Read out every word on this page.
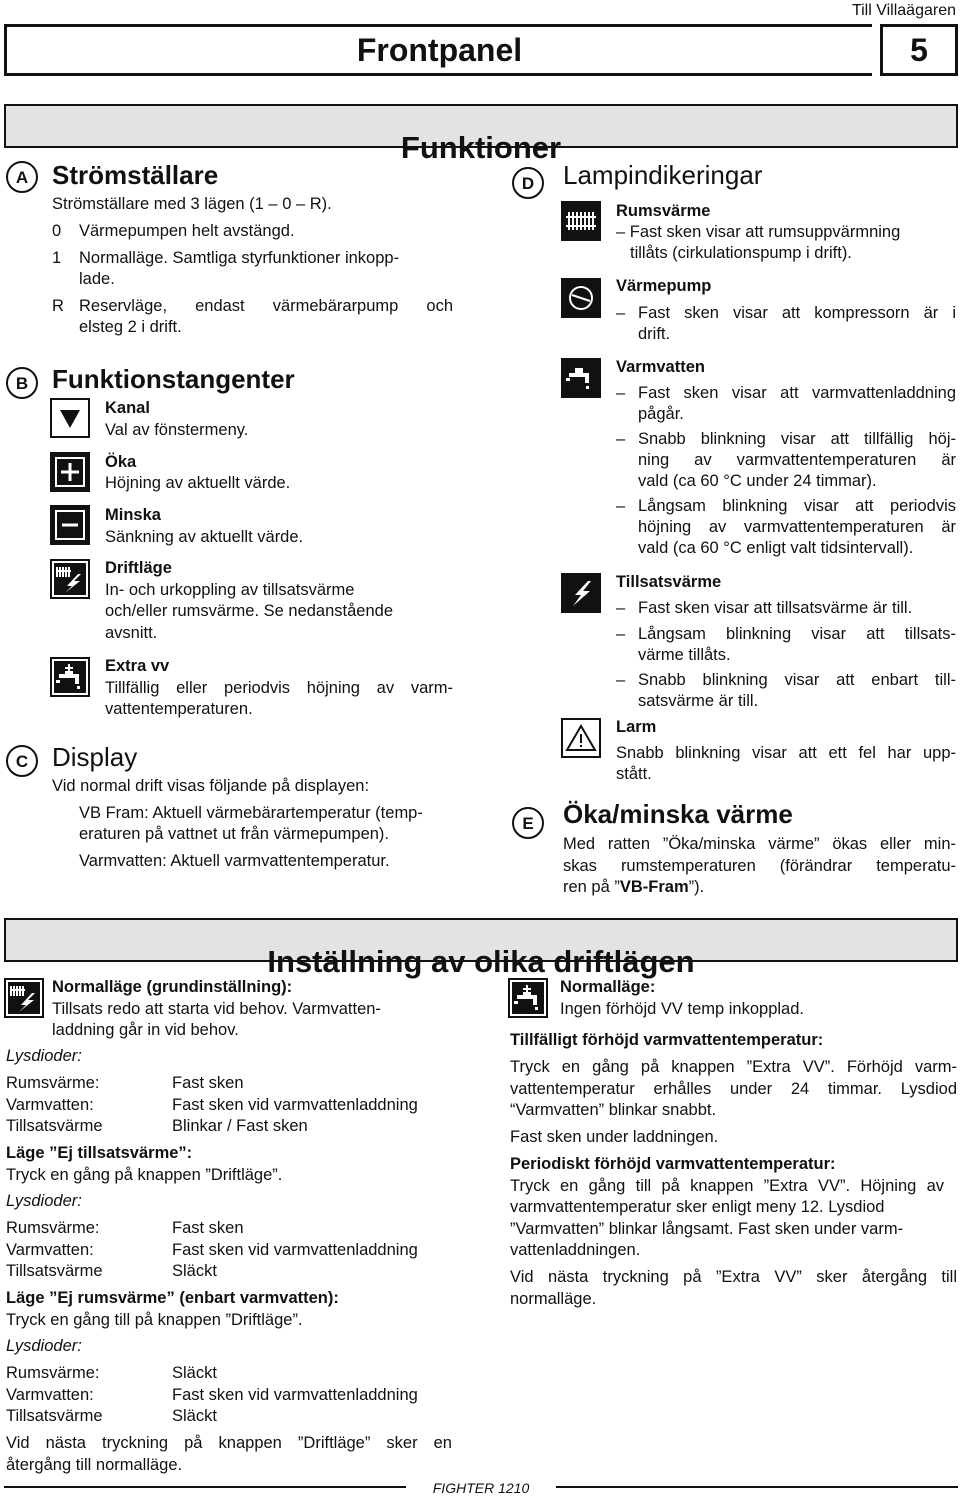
Till Villaägaren
Frontpanel	5
Funktioner
A Strömställare
Strömställare med 3 lägen (1 – 0 – R).
0 Värmepumpen helt avstängd.
1 Normalläge. Samtliga styrfunktioner inkopp-
lade.
R Reservläge, endast värmebärarpump och
elsteg 2 i drift.
B Funktionstangenter
Kanal
Val av fönstermeny.
Öka
Höjning av aktuellt värde.
Minska
Sänkning av aktuellt värde.
Driftläge
In- och urkoppling av tillsatsvärme
och/eller rumsvärme. Se nedanstående
avsnitt.
Extra vv
Tillfällig eller periodvis höjning av varm-
vattentemperaturen.
C Display
Vid normal drift visas följande på displayen:
VB Fram: Aktuell värmebärartemperatur (temp-
eraturen på vattnet ut från värmepumpen).
Varmvatten: Aktuell varmvattentemperatur.
D	Lampindikeringar
Rumsvärme
– Fast sken visar att rumsuppvärmning
tillåts (cirkulationspump i drift).
Värmepump
– Fast sken visar att kompressorn är i
drift.
Varmvatten
– Fast sken visar att varmvattenladdning
pågår.
– Snabb blinkning visar att tillfällig höj-
ning av varmvattentemperaturen är
vald (ca 60 °C under 24 timmar).
– Långsam blinkning visar att periodvis
höjning av varmvattentemperaturen är
vald (ca 60 °C enligt valt tidsintervall).
Tillsatsvärme
– Fast sken visar att tillsatsvärme är till.
– Långsam blinkning visar att tillsats-
värme tillåts.
– Snabb blinkning visar att enbart till-
satsvärme är till.
Larm
Snabb blinkning visar att ett fel har upp-
stått.
E	Öka/minska värme
Med ratten ”Öka/minska värme” ökas eller min-
skas rumstemperaturen (förändrar temperatu-
ren på ”VB-Fram”).
Inställning av olika driftlägen
Normalläge (grundinställning):
Tillsats redo att starta vid behov. Varmvatten-
laddning går in vid behov.
Lysdioder:
Rumsvärme:	Fast sken
Varmvatten:	Fast sken vid varmvattenladdning
Tillsatsvärme	Blinkar / Fast sken
Läge ”Ej tillsatsvärme”:
Tryck en gång på knappen ”Driftläge”.
Lysdioder:
Rumsvärme:	Fast sken
Varmvatten:	Fast sken vid varmvattenladdning
Tillsatsvärme	Släckt
Läge ”Ej rumsvärme” (enbart varmvatten):
Tryck en gång till på knappen ”Driftläge”.
Lysdioder:
Rumsvärme:	Släckt
Varmvatten:	Fast sken vid varmvattenladdning
Tillsatsvärme	Släckt
Vid nästa tryckning på knappen ”Driftläge” sker en
återgång till normalläge.
Normalläge:
Ingen förhöjd VV temp inkopplad.
Tillfälligt förhöjd varmvattentemperatur:
Tryck en gång på knappen ”Extra VV”. Förhöjd varm-
vattentemperatur erhålles under 24 timmar. Lysdiod
“Varmvatten” blinkar snabbt.
Fast sken under laddningen.
Periodiskt förhöjd varmvattentemperatur:
Tryck en gång till på knappen ”Extra VV”. Höjning av
varmvattentemperatur sker enligt meny 12. Lysdiod
”Varmvatten” blinkar långsamt. Fast sken under varm-
vattenladdningen.
Vid nästa tryckning på ”Extra VV” sker återgång till
normalläge.
FIGHTER 1210
